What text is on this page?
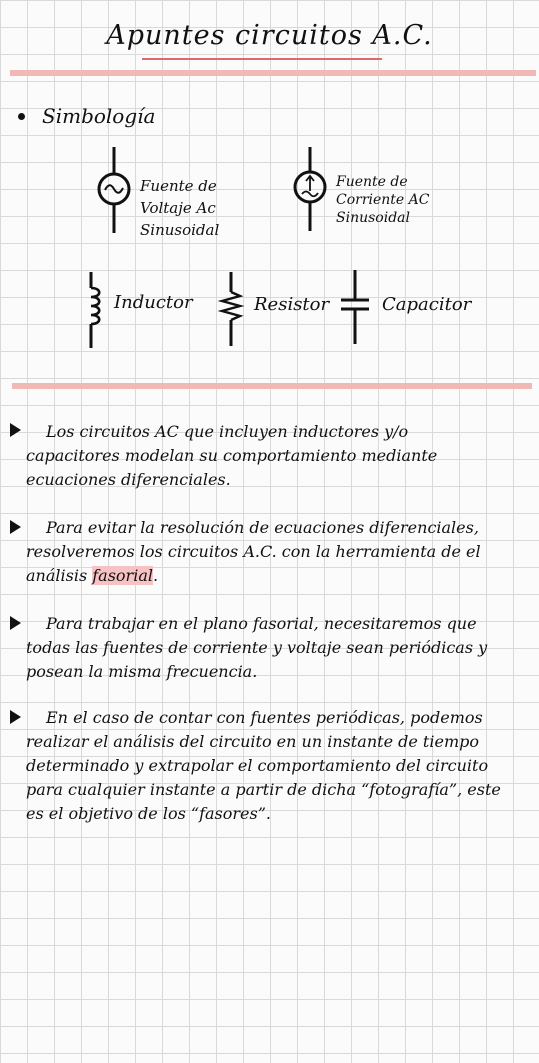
Apuntes circuitos A.C.
Simbología
Fuente de
Voltaje Ac
Sinusoidal
Fuente de
Corriente AC
Sinusoidal
Inductor	Resistor	Capacitor
Los circuitos AC que incluyen inductores y/o capacitores modelan su comportamiento mediante ecuaciones diferenciales.
Para evitar la resolución de ecuaciones diferenciales, resolveremos los circuitos A.C. con la herramienta de el análisis fasorial.
Para trabajar en el plano fasorial, necesitaremos que todas las fuentes de corriente y voltaje sean periódicas y posean la misma frecuencia.
En el caso de contar con fuentes periódicas, podemos realizar el análisis del circuito en un instante de tiempo determinado y extrapolar el comportamiento del circuito para cualquier instante a partir de dicha “fotografía”, este es el objetivo de los “fasores”.
